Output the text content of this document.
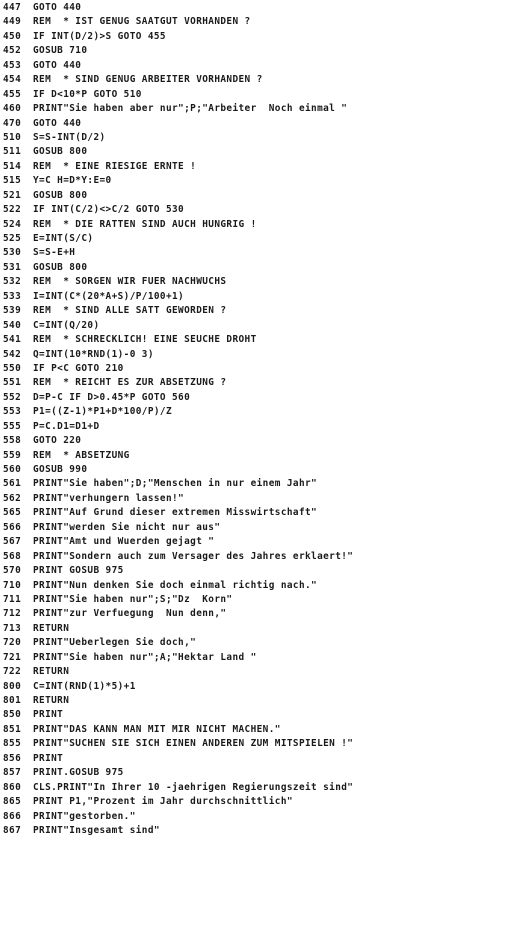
447 GOTO 440
449 REM  * IST GENUG SAATGUT VORHANDEN ?
450 IF INT(D/2)>S GOTO 455
452 GOSUB 710
453 GOTO 440
454 REM  * SIND GENUG ARBEITER VORHANDEN ?
455 IF D<10*P GOTO 510
460 PRINT"Sie haben aber nur";P;"Arbeiter  Noch einmal "
470 GOTO 440
510 S=S-INT(D/2)
511 GOSUB 800
514 REM  * EINE RIESIGE ERNTE !
515 Y=C H=D*Y:E=0
521 GOSUB 800
522 IF INT(C/2)<>C/2 GOTO 530
524 REM  * DIE RATTEN SIND AUCH HUNGRIG !
525 E=INT(S/C)
530 S=S-E+H
531 GOSUB 800
532 REM  * SORGEN WIR FUER NACHWUCHS
533 I=INT(C*(20*A+S)/P/100+1)
539 REM  * SIND ALLE SATT GEWORDEN ?
540 C=INT(Q/20)
541 REM  * SCHRECKLICH! EINE SEUCHE DROHT
542 Q=INT(10*RND(1)-0 3)
550 IF P<C GOTO 210
551 REM  * REICHT ES ZUR ABSETZUNG ?
552 D=P-C IF D>0.45*P GOTO 560
553 P1=((Z-1)*P1+D*100/P)/Z
555 P=C.D1=D1+D
558 GOTO 220
559 REM  * ABSETZUNG
560 GOSUB 990
561 PRINT"Sie haben";D;"Menschen in nur einem Jahr"
562 PRINT"verhungern lassen!"
565 PRINT"Auf Grund dieser extremen Misswirtschaft"
566 PRINT"werden Sie nicht nur aus"
567 PRINT"Amt und Wuerden gejagt "
568 PRINT"Sondern auch zum Versager des Jahres erklaert!"
570 PRINT GOSUB 975
710 PRINT"Nun denken Sie doch einmal richtig nach."
711 PRINT"Sie haben nur";S;"Dz  Korn"
712 PRINT"zur Verfuegung  Nun denn,"
713 RETURN
720 PRINT"Ueberlegen Sie doch,"
721 PRINT"Sie haben nur";A;"Hektar Land "
722 RETURN
800 C=INT(RND(1)*5)+1
801 RETURN
850 PRINT
851 PRINT"DAS KANN MAN MIT MIR NICHT MACHEN."
855 PRINT"SUCHEN SIE SICH EINEN ANDEREN ZUM MITSPIELEN !"
856 PRINT
857 PRINT.GOSUB 975
860 CLS.PRINT"In Ihrer 10 -jaehrigen Regierungszeit sind"
865 PRINT P1,"Prozent im Jahr durchschnittlich"
866 PRINT"gestorben."
867 PRINT"Insgesamt sind"
